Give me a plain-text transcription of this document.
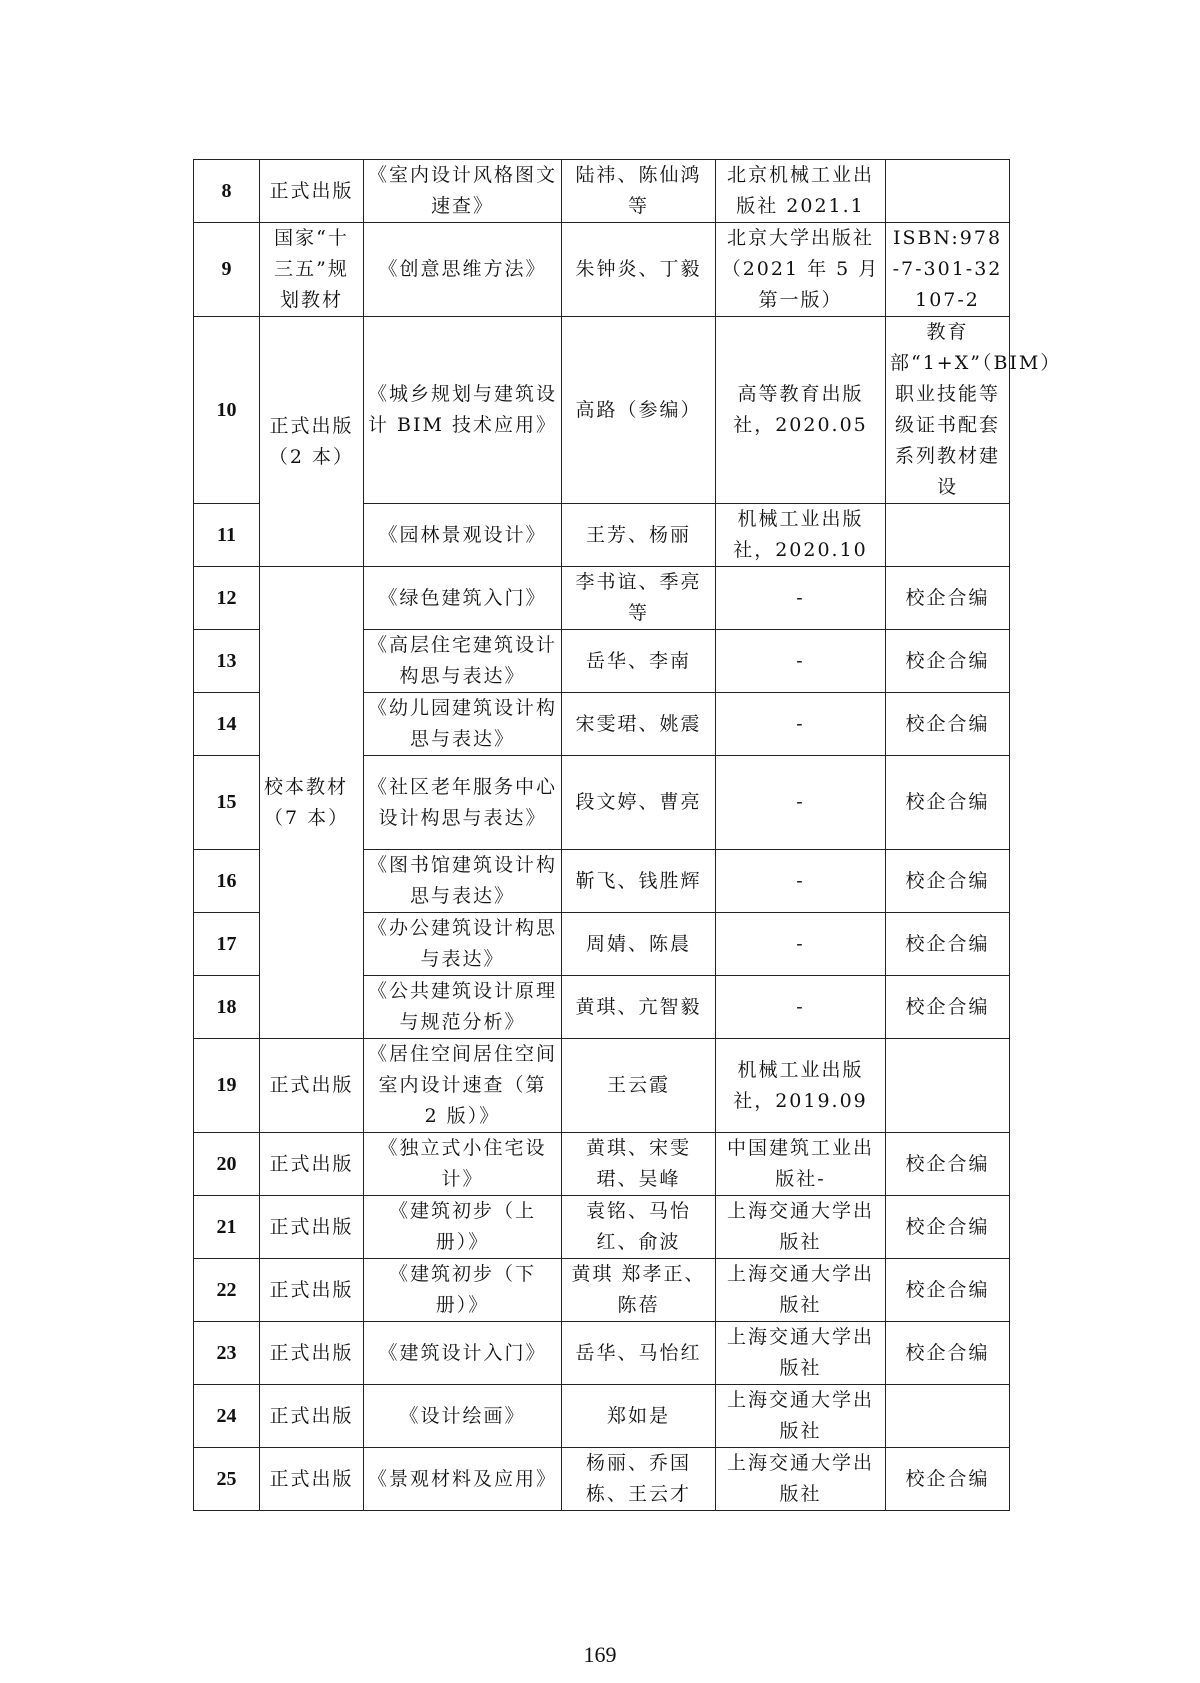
8	正式出版	《室内设计风格图文速查》	陆祎、陈仙鸿等	北京机械工业出版社 2021.1	
9	国家“十三五”规划教材	《创意思维方法》	朱钟炎、丁毅	北京大学出版社（2021 年 5 月第一版）	ISBN:978-7-301-32107-2
10	正式出版（2 本）	《城乡规划与建筑设计 BIM 技术应用》	高路（参编）	高等教育出版社，2020.05	教育部“1+X”（BIM）职业技能等级证书配套系列教材建设
11		《园林景观设计》	王芳、杨丽	机械工业出版社，2020.10	
12	校本教材（7 本）	《绿色建筑入门》	李书谊、季亮等	-	校企合编
13		《高层住宅建筑设计构思与表达》	岳华、李南	-	校企合编
14		《幼儿园建筑设计构思与表达》	宋雯珺、姚震	-	校企合编
15		《社区老年服务中心设计构思与表达》	段文婷、曹亮	-	校企合编
16		《图书馆建筑设计构思与表达》	靳飞、钱胜辉	-	校企合编
17		《办公建筑设计构思与表达》	周婧、陈晨	-	校企合编
18		《公共建筑设计原理与规范分析》	黄琪、亢智毅	-	校企合编
19	正式出版	《居住空间居住空间室内设计速查（第 2 版）》	王云霞	机械工业出版社，2019.09	
20	正式出版	《独立式小住宅设计》	黄琪、宋雯珺、吴峰	中国建筑工业出版社-	校企合编
21	正式出版	《建筑初步（上册）》	袁铭、马怡红、俞波	上海交通大学出版社	校企合编
22	正式出版	《建筑初步（下册）》	黄琪 郑孝正、陈蓓	上海交通大学出版社	校企合编
23	正式出版	《建筑设计入门》	岳华、马怡红	上海交通大学出版社	校企合编
24	正式出版	《设计绘画》	郑如是	上海交通大学出版社	
25	正式出版	《景观材料及应用》	杨丽、乔国栋、王云才	上海交通大学出版社	校企合编
169
